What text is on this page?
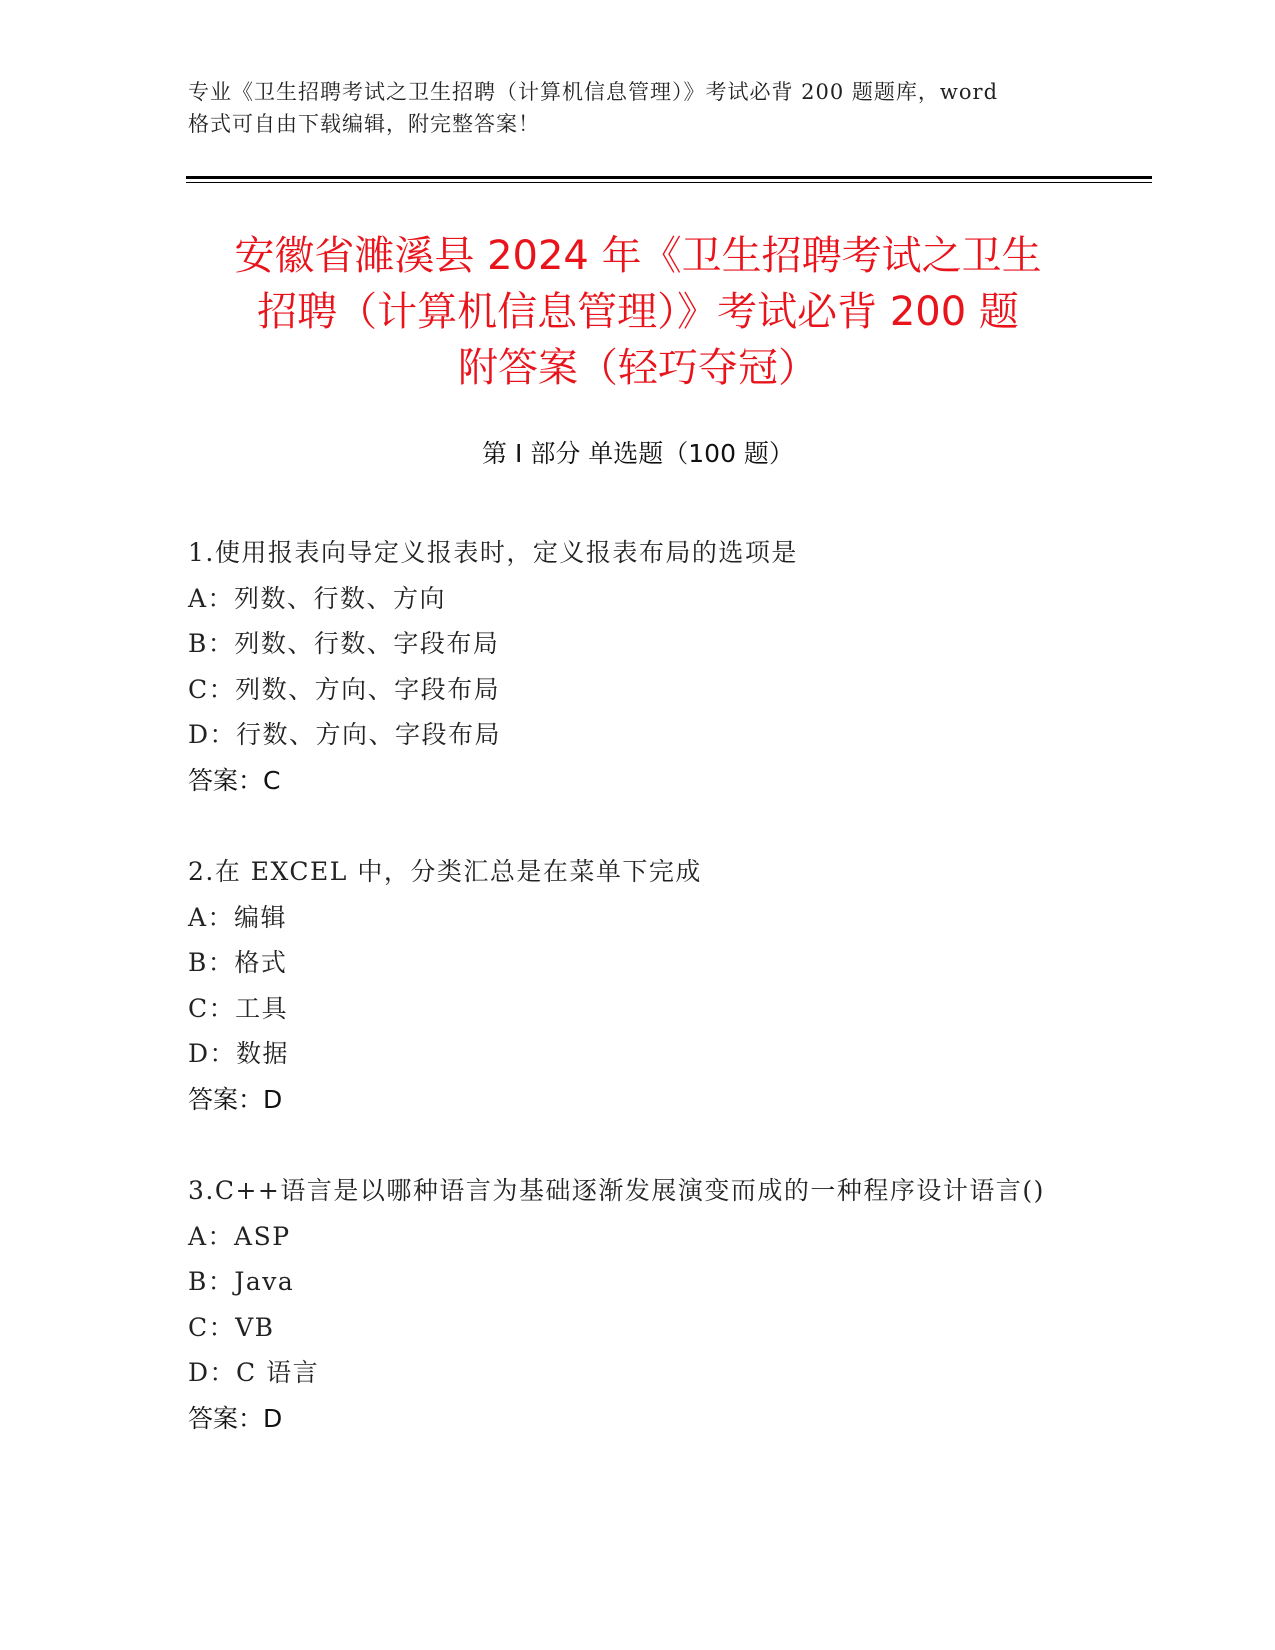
专业《卫生招聘考试之卫生招聘（计算机信息管理）》考试必背 200 题题库，word
格式可自由下载编辑，附完整答案！
安徽省濉溪县 2024 年《卫生招聘考试之卫生
招聘（计算机信息管理）》考试必背 200 题
附答案（轻巧夺冠）
第 I 部分 单选题（100 题）
1.使用报表向导定义报表时，定义报表布局的选项是
A：列数、行数、方向
B：列数、行数、字段布局
C：列数、方向、字段布局
D：行数、方向、字段布局
答案：C
2.在 EXCEL 中，分类汇总是在菜单下完成
A：编辑
B：格式
C：工具
D：数据
答案：D
3.C++语言是以哪种语言为基础逐渐发展演变而成的一种程序设计语言()
A：ASP
B：Java
C：VB
D：C 语言
答案：D
